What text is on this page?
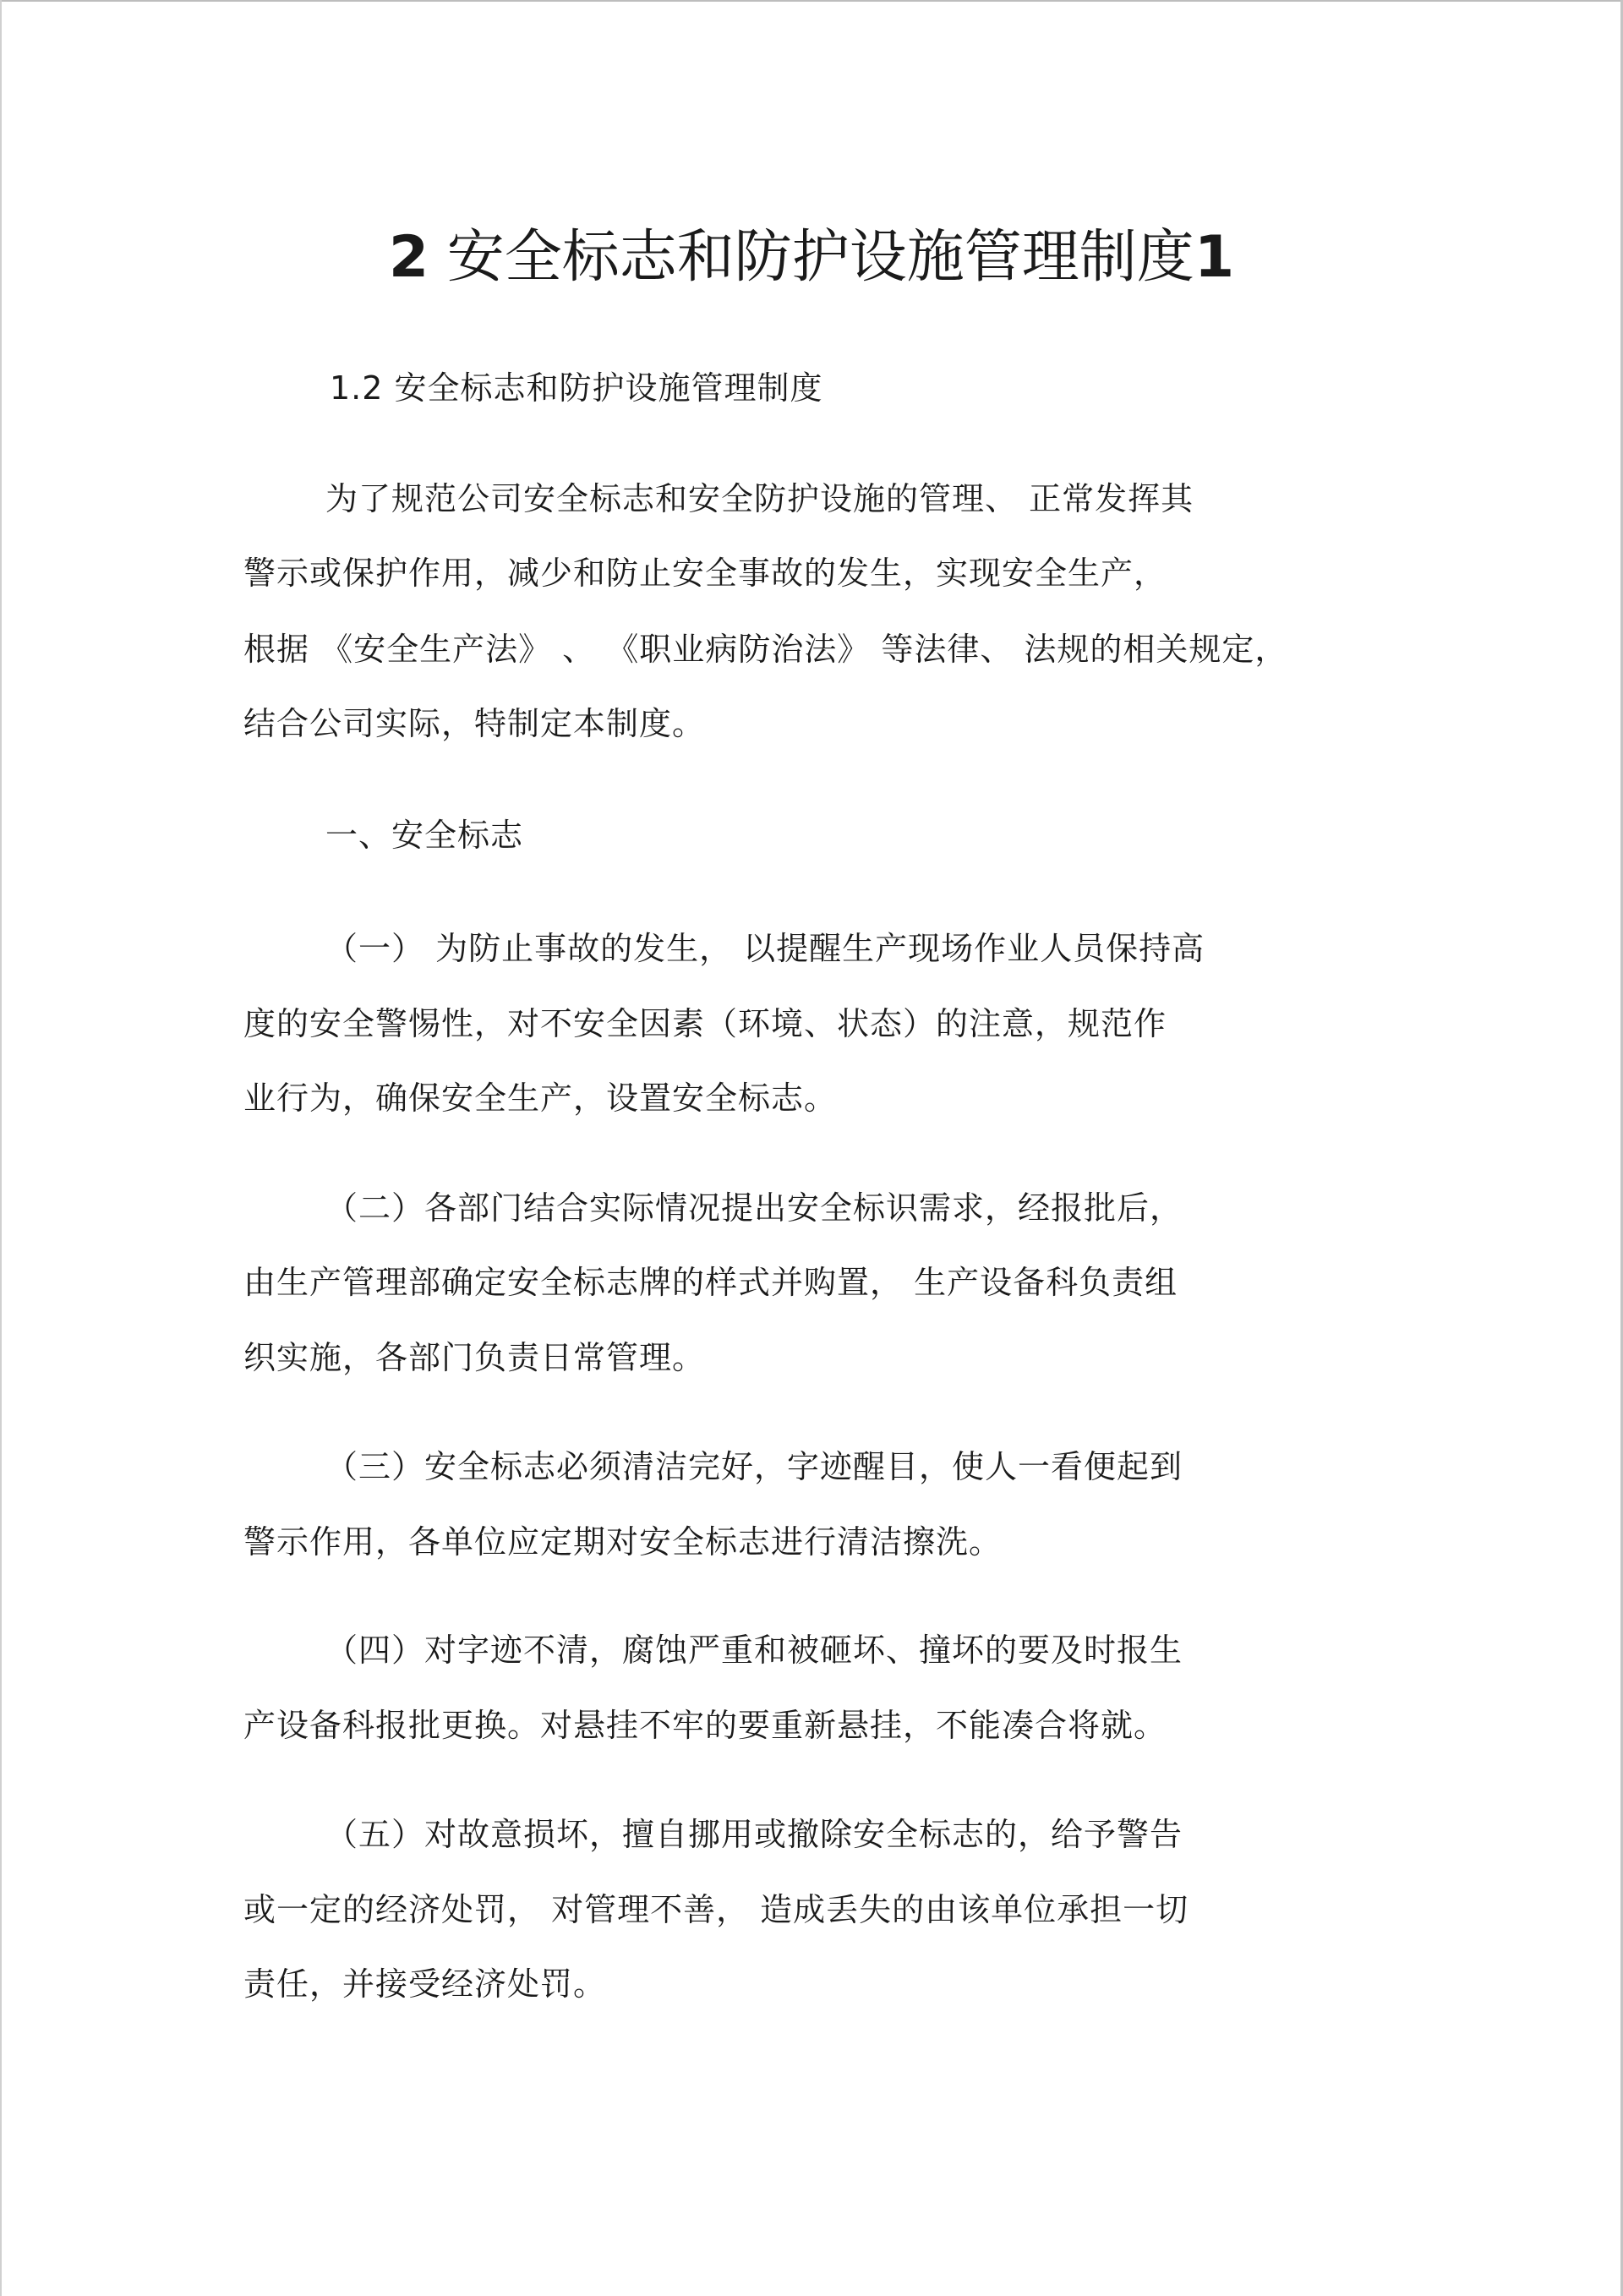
2 安全标志和防护设施管理制度1
1.2 安全标志和防护设施管理制度
为了规范公司安全标志和安全防护设施的管理、 正常发挥其
警示或保护作用，减少和防止安全事故的发生，实现安全生产，
根据 《安全生产法》 、 《职业病防治法》 等法律、 法规的相关规定，
结合公司实际，特制定本制度。
一、安全标志
（一） 为防止事故的发生， 以提醒生产现场作业人员保持高
度的安全警惕性，对不安全因素（环境、状态）的注意，规范作
业行为，确保安全生产，设置安全标志。
（二）各部门结合实际情况提出安全标识需求，经报批后，
由生产管理部确定安全标志牌的样式并购置， 生产设备科负责组
织实施，各部门负责日常管理。
（三）安全标志必须清洁完好，字迹醒目，使人一看便起到
警示作用，各单位应定期对安全标志进行清洁擦洗。
（四）对字迹不清，腐蚀严重和被砸坏、撞坏的要及时报生
产设备科报批更换。对悬挂不牢的要重新悬挂，不能凑合将就。
（五）对故意损坏，擅自挪用或撤除安全标志的，给予警告
或一定的经济处罚， 对管理不善， 造成丢失的由该单位承担一切
责任，并接受经济处罚。
